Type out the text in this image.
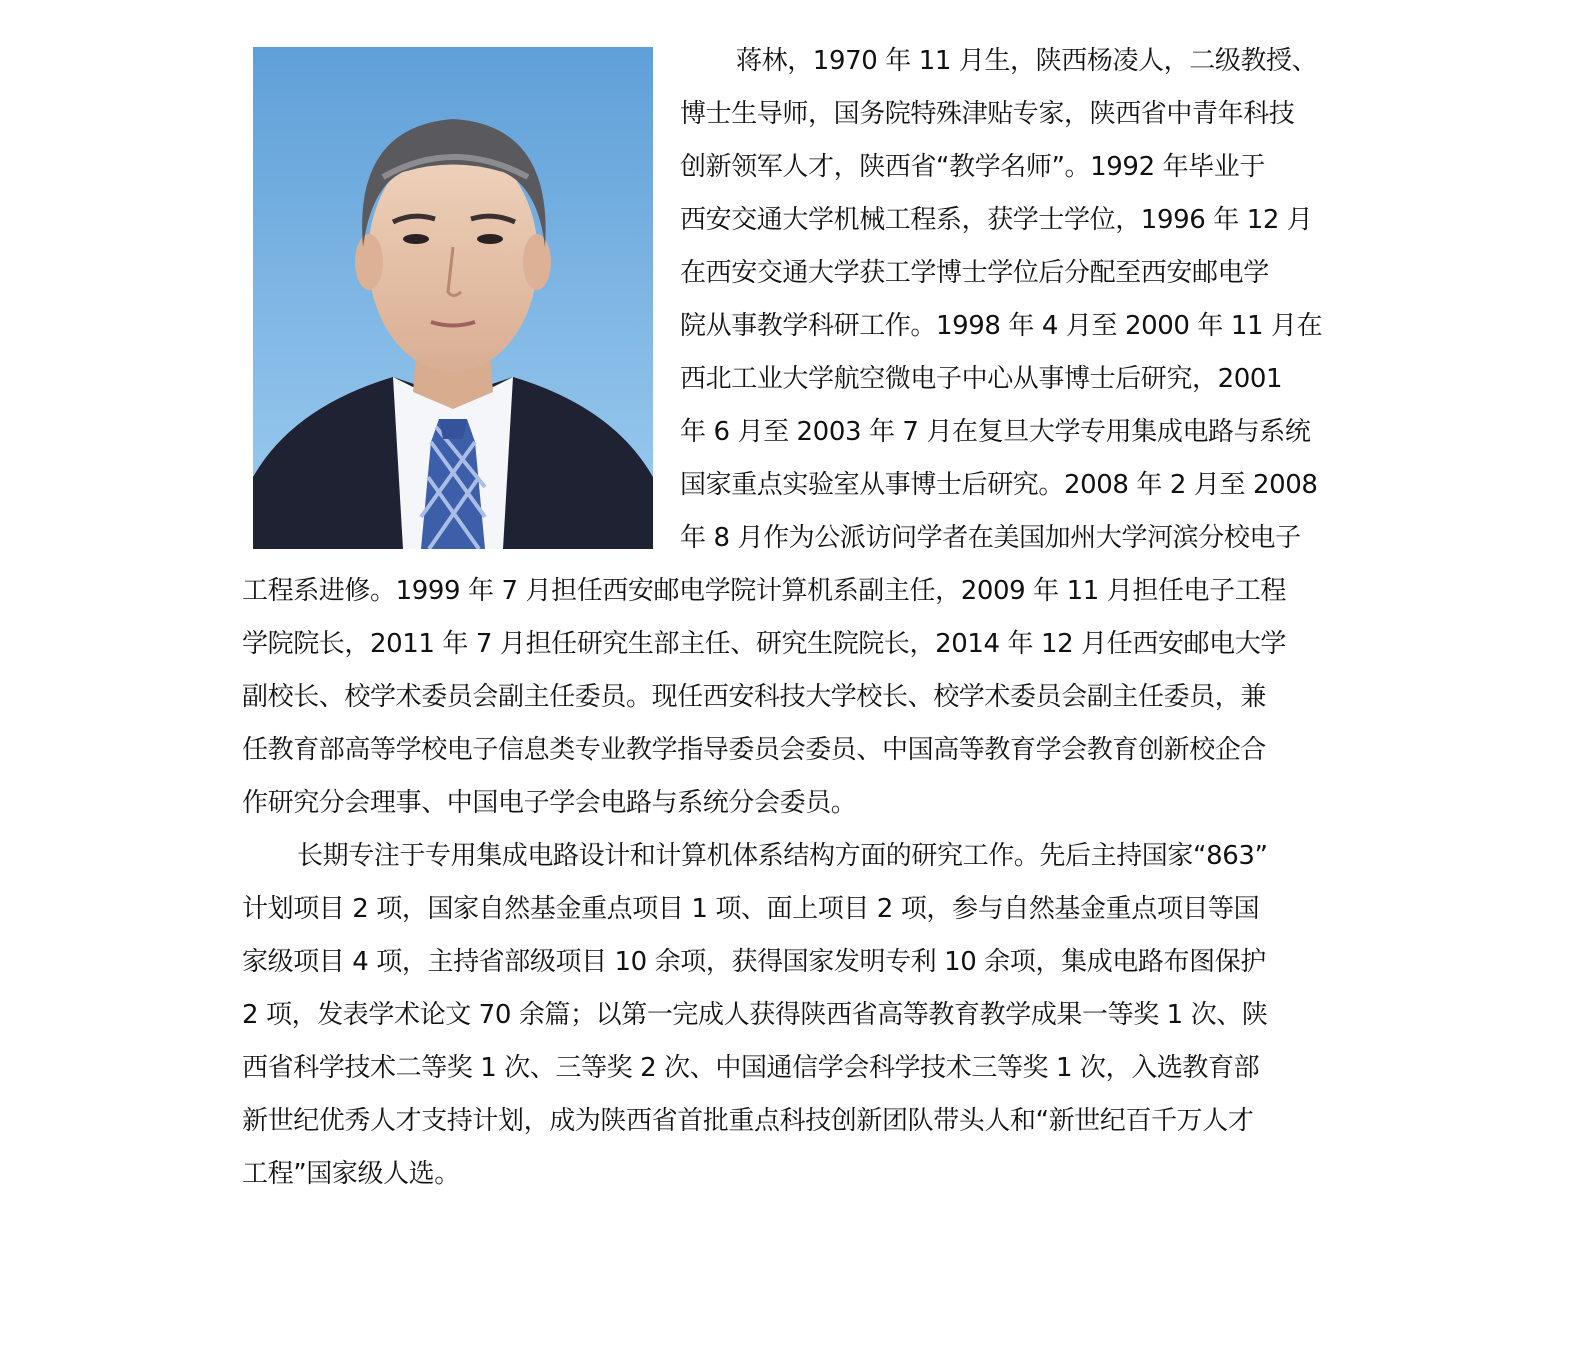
蒋林，1970 年 11 月生，陕西杨凌人，二级教授、
博士生导师，国务院特殊津贴专家，陕西省中青年科技
创新领军人才，陕西省“教学名师”。1992 年毕业于
西安交通大学机械工程系，获学士学位，1996 年 12 月
在西安交通大学获工学博士学位后分配至西安邮电学
院从事教学科研工作。1998 年 4 月至 2000 年 11 月在
西北工业大学航空微电子中心从事博士后研究，2001
年 6 月至 2003 年 7 月在复旦大学专用集成电路与系统
国家重点实验室从事博士后研究。2008 年 2 月至 2008
年 8 月作为公派访问学者在美国加州大学河滨分校电子
工程系进修。1999 年 7 月担任西安邮电学院计算机系副主任，2009 年 11 月担任电子工程
学院院长，2011 年 7 月担任研究生部主任、研究生院院长，2014 年 12 月任西安邮电大学
副校长、校学术委员会副主任委员。现任西安科技大学校长、校学术委员会副主任委员，兼
任教育部高等学校电子信息类专业教学指导委员会委员、中国高等教育学会教育创新校企合
作研究分会理事、中国电子学会电路与系统分会委员。
长期专注于专用集成电路设计和计算机体系结构方面的研究工作。先后主持国家“863”
计划项目 2 项，国家自然基金重点项目 1 项、面上项目 2 项，参与自然基金重点项目等国
家级项目 4 项，主持省部级项目 10 余项，获得国家发明专利 10 余项，集成电路布图保护
2 项，发表学术论文 70 余篇；以第一完成人获得陕西省高等教育教学成果一等奖 1 次、陕
西省科学技术二等奖 1 次、三等奖 2 次、中国通信学会科学技术三等奖 1 次，入选教育部
新世纪优秀人才支持计划，成为陕西省首批重点科技创新团队带头人和“新世纪百千万人才
工程”国家级人选。
